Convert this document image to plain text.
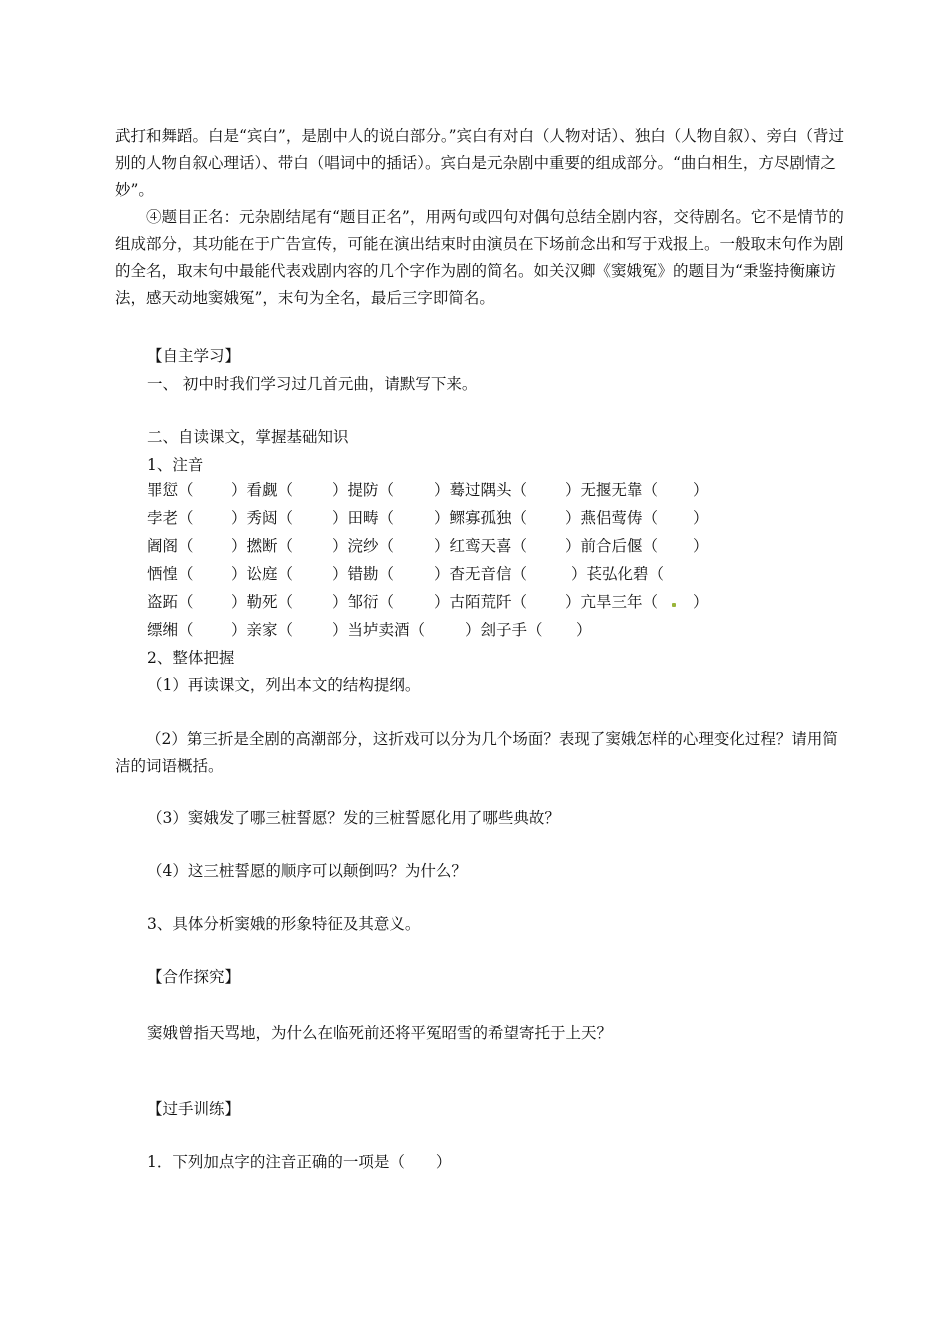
武打和舞蹈。白是“宾白”，是剧中人的说白部分。”宾白有对白（人物对话）、独白（人物自叙）、旁白（背过别的人物自叙心理话）、带白（唱词中的插话）。宾白是元杂剧中重要的组成部分。“曲白相生，方尽剧情之妙”。

④题目正名：元杂剧结尾有“题目正名”，用两句或四句对偶句总结全剧内容，交待剧名。它不是情节的组成部分，其功能在于广告宣传，可能在演出结束时由演员在下场前念出和写于戏报上。一般取末句作为剧的全名，取末句中最能代表戏剧内容的几个字作为剧的简名。如关汉卿《窦娥冤》的题目为“秉鉴持衡廉访法，感天动地窦娥冤”，末句为全名，最后三字即简名。

【自主学习】
一、 初中时我们学习过几首元曲，请默写下来。
二、自读课文，掌握基础知识
1、注音
罪愆（ ）看觑（	）提防（	）蓦过隅头（ ）无揠无靠（ ）
孛老（ ）秀闼（	）田畴（	）鳏寡孤独（ ）燕侣莺俦（ ）
阇阁（ ）撚断（	）浣纱（	）红鸾天喜（ ）前合后偃（ ）
恓惶（ ）讼庭（	）错勘（	）杳无音信（	）苌弘化碧（
盗跖（ ）勒死（	）邹衍（	）古陌荒阡（ ）亢旱三年（ ）
缥缃（ ）亲家（	）当垆卖酒（	）刽子手（ ）
2、整体把握
（1）再读课文，列出本文的结构提纲。

（2）第三折是全剧的高潮部分，这折戏可以分为几个场面？表现了窦娥怎样的心理变化过程？请用简洁的词语概括。

（3）窦娥发了哪三桩誓愿？发的三桩誓愿化用了哪些典故？
（4）这三桩誓愿的顺序可以颠倒吗？为什么？
3、具体分析窦娥的形象特征及其意义。
【合作探究】
窦娥曾指天骂地，为什么在临死前还将平冤昭雪的希望寄托于上天？
【过手训练】
1．下列加点字的注音正确的一项是（　　）
